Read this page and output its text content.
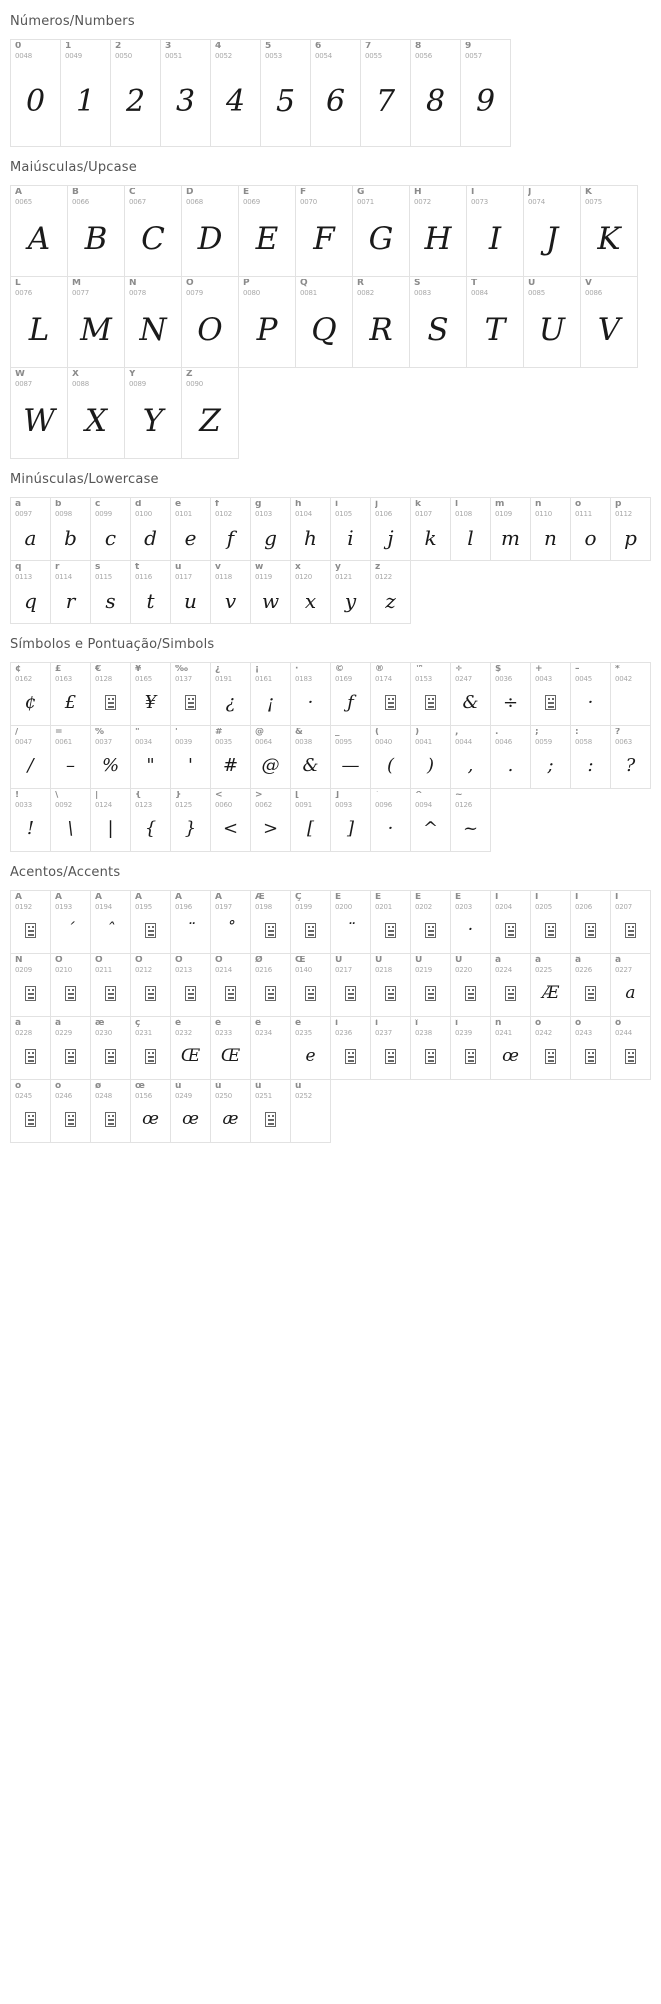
Números/Numbers
0
0048
0
1
0049
1
2
0050
2
3
0051
3
4
0052
4
5
0053
5
6
0054
6
7
0055
7
8
0056
8
9
0057
9
Maiúsculas/Upcase
A
0065
A
B
0066
B
C
0067
C
D
0068
D
E
0069
E
F
0070
F
G
0071
G
H
0072
H
I
0073
I
J
0074
J
K
0075
K
L
0076
L
M
0077
M
N
0078
N
O
0079
O
P
0080
P
Q
0081
Q
R
0082
R
S
0083
S
T
0084
T
U
0085
U
V
0086
V
W
0087
W
X
0088
X
Y
0089
Y
Z
0090
Z
Minúsculas/Lowercase
a
0097
a
b
0098
b
c
0099
c
d
0100
d
e
0101
e
f
0102
f
g
0103
g
h
0104
h
i
0105
i
j
0106
j
k
0107
k
l
0108
l
m
0109
m
n
0110
n
o
0111
o
p
0112
p
q
0113
q
r
0114
r
s
0115
s
t
0116
t
u
0117
u
v
0118
v
w
0119
w
x
0120
x
y
0121
y
z
0122
z
Símbolos e Pontuação/Simbols
¢
0162
¢
£
0163
£
€
0128
¥
0165
¥
‰
0137
¿
0191
¿
¡
0161
¡
·
0183
·
©
0169
ƒ
®
0174
™
0153
÷
0247
&
$
0036
÷
+
0043
–
0045
·
*
0042
/
0047
/
=
0061
–
%
0037
%
"
0034
"
'
0039
'
#
0035
#
@
0064
@
&
0038
&
_
0095
—
(
0040
(
)
0041
)
,
0044
,
.
0046
.
;
0059
;
:
0058
:
?
0063
?
!
0033
!
\
0092
\
|
0124
|
{
0123
{
}
0125
}
<
0060
<
>
0062
>
[
0091
[
]
0093
]
`
0096
·
^
0094
^
~
0126
~
Acentos/Accents
À
0192
Á
0193
´
Â
0194
ˆ
Ã
0195
Ä
0196
¨
Å
0197
˚
Æ
0198
Ç
0199
È
0200
¨
É
0201
Ê
0202
Ë
0203
·
Ì
0204
Í
0205
Î
0206
Ï
0207
Ñ
0209
Ò
0210
Ó
0211
Ô
0212
Õ
0213
Ö
0214
Ø
0216
Œ
0140
Ù
0217
Ú
0218
Û
0219
Ü
0220
à
0224
á
0225
Æ
â
0226
ã
0227
a
ä
0228
â
0229
æ
0230
ç
0231
è
0232
Œ
é
0233
Œ
ê
0234
ë
0235
e
ì
0236
í
0237
î
0238
ï
0239
ñ
0241
œ
ó
0242
ó
0243
ô
0244
õ
0245
ö
0246
ø
0248
œ
0156
œ
ù
0249
œ
ú
0250
æ
û
0251
ü
0252
